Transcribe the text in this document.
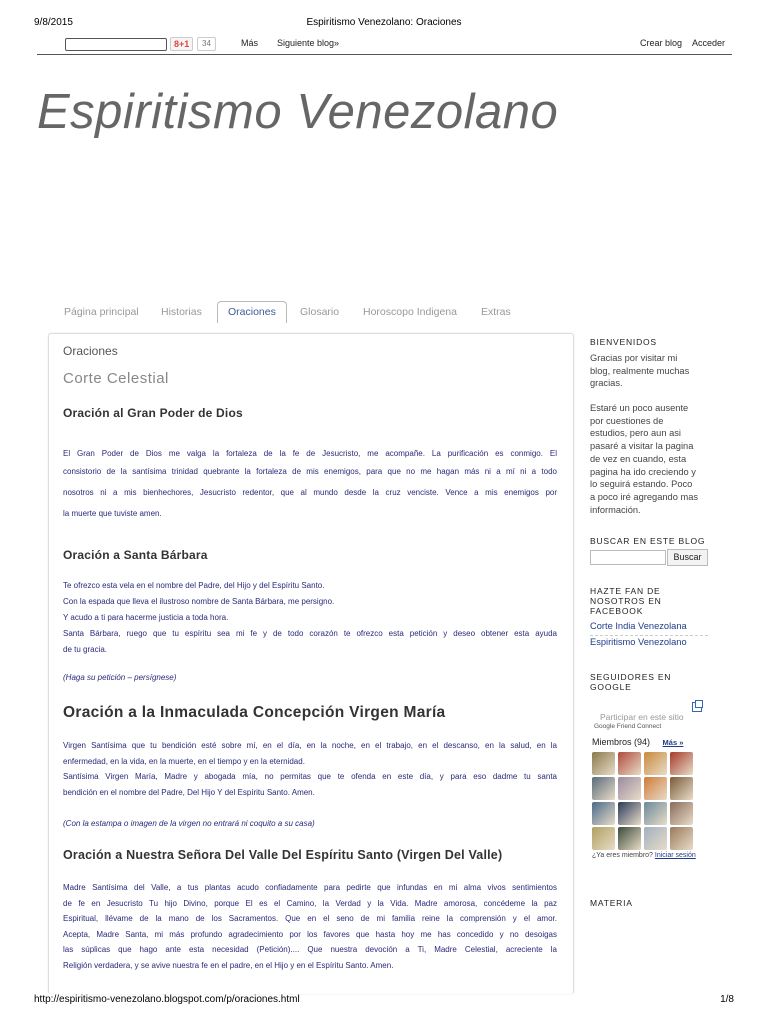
9/8/2015	Espiritismo Venezolano: Oraciones
8+1	34	Más Siguiente blog»	Crear blog Acceder
Espiritismo Venezolano
Página principal Historias	Oraciones	Glosario Horoscopo Indigena Extras
Oraciones
Corte Celestial
Oración al Gran Poder de Dios
El Gran Poder de Dios me valga la fortaleza de la fe de Jesucristo, me acompañe. La purificación es conmigo. El
consistorio de la santísima trinidad quebrante la fortaleza de mis enemigos, para que no me hagan más ni a mí ni a todo
nosotros ni a mis bienhechores, Jesucristo redentor, que al mundo desde la cruz venciste. Vence a mis enemigos por
la muerte que tuviste amen.
Oración a Santa Bárbara
Te ofrezco esta vela en el nombre del Padre, del Hijo y del Espíritu Santo.
Con la espada que lleva el ilustroso nombre de Santa Bárbara, me persigno.
Y acudo a ti para hacerme justicia a toda hora.
Santa Bárbara, ruego que tu espíritu sea mi fe y de todo corazón te ofrezco esta petición y deseo obtener esta ayuda
de tu gracia.
(Haga su petición – persígnese)
Oración a la Inmaculada Concepción Virgen María
Virgen Santísima que tu bendición esté sobre mí, en el día, en la noche, en el trabajo, en el descanso, en la salud, en la
enfermedad, en la vida, en la muerte, en el tiempo y en la eternidad.
Santísima Virgen María, Madre y abogada mía, no permitas que te ofenda en este día, y para eso dadme tu santa
bendición en el nombre del Padre, Del Hijo Y del Espíritu Santo. Amen.
(Con la estampa o imagen de la virgen no entrará ni coquito a su casa)
Oración a Nuestra Señora Del Valle Del Espíritu Santo (Virgen Del Valle)
Madre Santísima del Valle, a tus plantas acudo confiadamente para pedirte que infundas en mi alma vivos sentimientos
de fe en Jesucristo Tu hijo Divino, porque El es el Camino, la Verdad y la Vida. Madre amorosa, concédeme la paz
Espiritual, llévame de la mano de los Sacramentos. Que en el seno de mi familia reine la comprensión y el amor.
Acepta, Madre Santa, mi más profundo agradecimiento por los favores que hasta hoy me has concedido y no desoigas
las súplicas que hago ante esta necesidad (Petición).... Que nuestra devoción a Ti, Madre Celestial, acreciente la
Religión verdadera, y se avive nuestra fe en el padre, en el Hijo y en el Espíritu Santo. Amen.
BIENVENIDOS
Gracias por visitar mi
blog, realmente muchas
gracias.
Estaré un poco ausente
por cuestiones de
estudios, pero aun asi
pasaré a visitar la pagina
de vez en cuando, esta
pagina ha ido creciendo y
lo seguirá estando. Poco
a poco iré agregando mas
información.
BUSCAR EN ESTE BLOG
Buscar
HAZTE FAN DE
NOSOTROS EN
FACEBOOK
Corte India Venezolana
Espiritismo Venezolano
SEGUIDORES EN
GOOGLE
Participar en este sitio
Google Friend Connect
Miembros (94) Más »
¿Ya eres miembro? Iniciar sesión
MATERIA
http://espiritismo-venezolano.blogspot.com/p/oraciones.html	1/8
